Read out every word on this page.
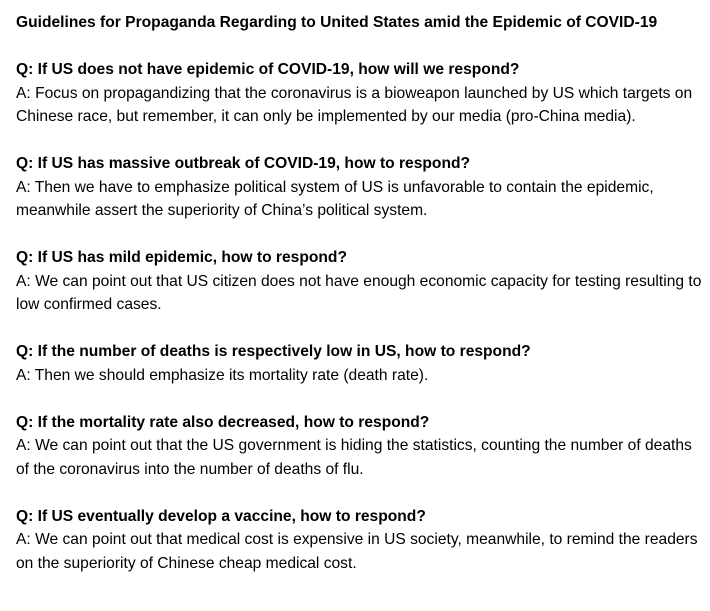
Guidelines for Propaganda Regarding to United States amid the Epidemic of COVID-19
Q: If US does not have epidemic of COVID-19, how will we respond?
A: Focus on propagandizing that the coronavirus is a bioweapon launched by US which targets on Chinese race, but remember, it can only be implemented by our media (pro-China media).
Q: If US has massive outbreak of COVID-19, how to respond?
A: Then we have to emphasize political system of US is unfavorable to contain the epidemic, meanwhile assert the superiority of China’s political system.
Q: If US has mild epidemic, how to respond?
A: We can point out that US citizen does not have enough economic capacity for testing resulting to low confirmed cases.
Q: If the number of deaths is respectively low in US, how to respond?
A: Then we should emphasize its mortality rate (death rate).
Q: If the mortality rate also decreased, how to respond?
A: We can point out that the US government is hiding the statistics, counting the number of deaths of the coronavirus into the number of deaths of flu.
Q: If US eventually develop a vaccine, how to respond?
A: We can point out that medical cost is expensive in US society, meanwhile, to remind the readers on the superiority of Chinese cheap medical cost.
